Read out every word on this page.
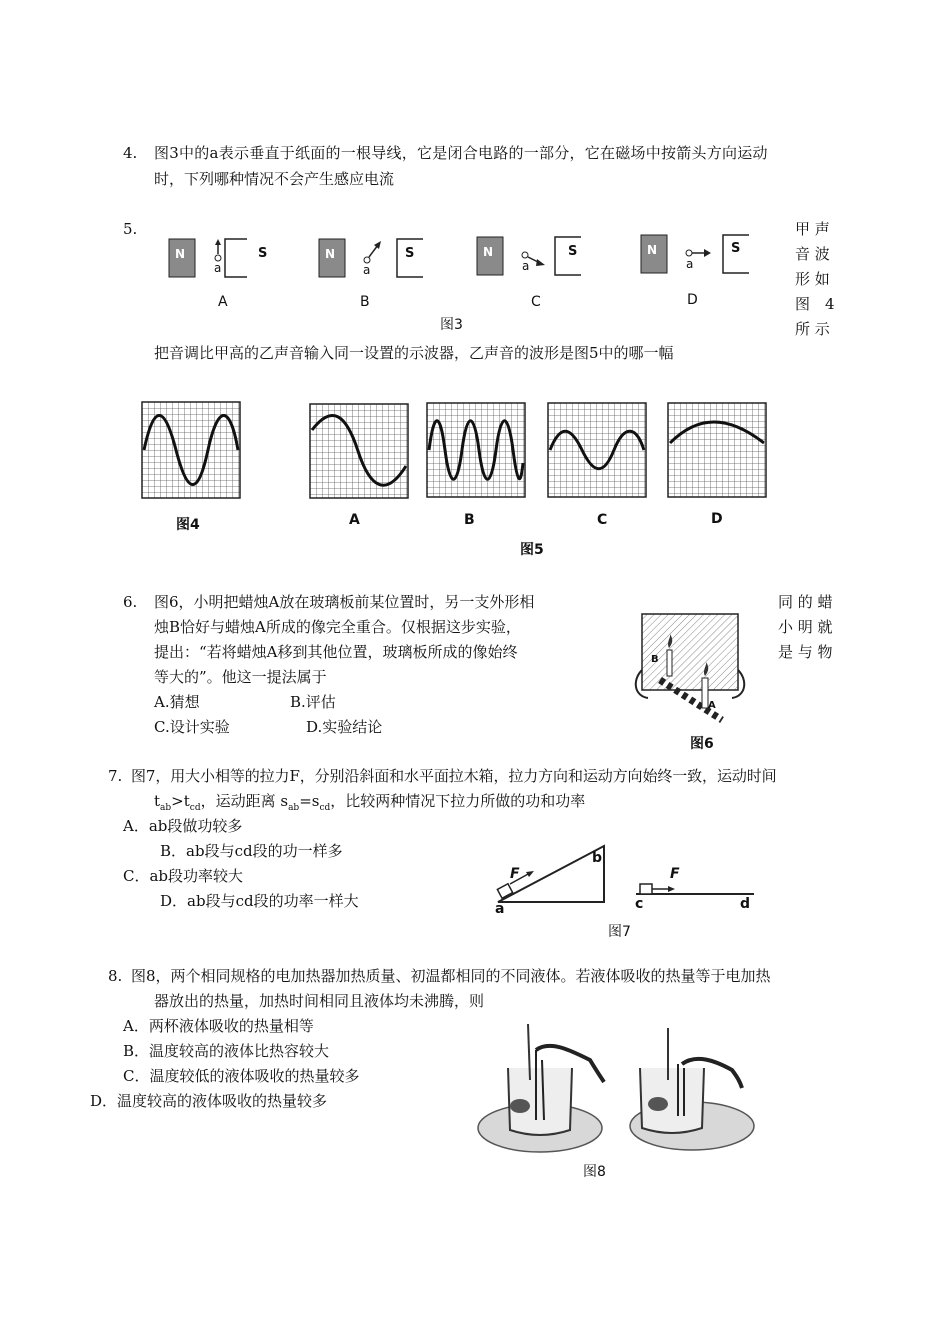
4. 图3中的a表示垂直于纸面的一根导线，它是闭合电路的一部分，它在磁场中按箭头方向运动
时，下列哪种情况不会产生感应电流
N	N	N	N
S	S	S	S
a	a	a	a
A	B	C	D
图3
5.	甲 声
音 波
形 如
图　4
所 示
把音调比甲高的乙声音输入同一设置的示波器，乙声音的波形是图5中的哪一幅
图4	A	B	C	D
图5
6. 图6，小明把蜡烛A放在玻璃板前某位置时，另一支外形相	同 的 蜡
烛B恰好与蜡烛A所成的像完全重合。仅根据这步实验，	小 明 就
提出：“若将蜡烛A移到其他位置，玻璃板所成的像始终	是 与 物
等大的”。他这一提法属于
A.猜想	B.评估
C.设计实验	D.实验结论
B
A
图6
7. 图7，用大小相等的拉力F，分别沿斜面和水平面拉木箱，拉力方向和运动方向始终一致，运动时间
$t_{ab}>t_{cd}$，运动距离 $s_{ab}=s_{cd}$，比较两种情况下拉力所做的功和功率
A．ab段做功较多
B．ab段与cd段的功一样多
C．ab段功率较大
D．ab段与cd段的功率一样大
F	F
a
b
c	d
图7
8. 图8，两个相同规格的电加热器加热质量、初温都相同的不同液体。若液体吸收的热量等于电加热
器放出的热量，加热时间相同且液体均未沸腾，则
A．两杯液体吸收的热量相等
B．温度较高的液体比热容较大
C．温度较低的液体吸收的热量较多
D．温度较高的液体吸收的热量较多
图8
